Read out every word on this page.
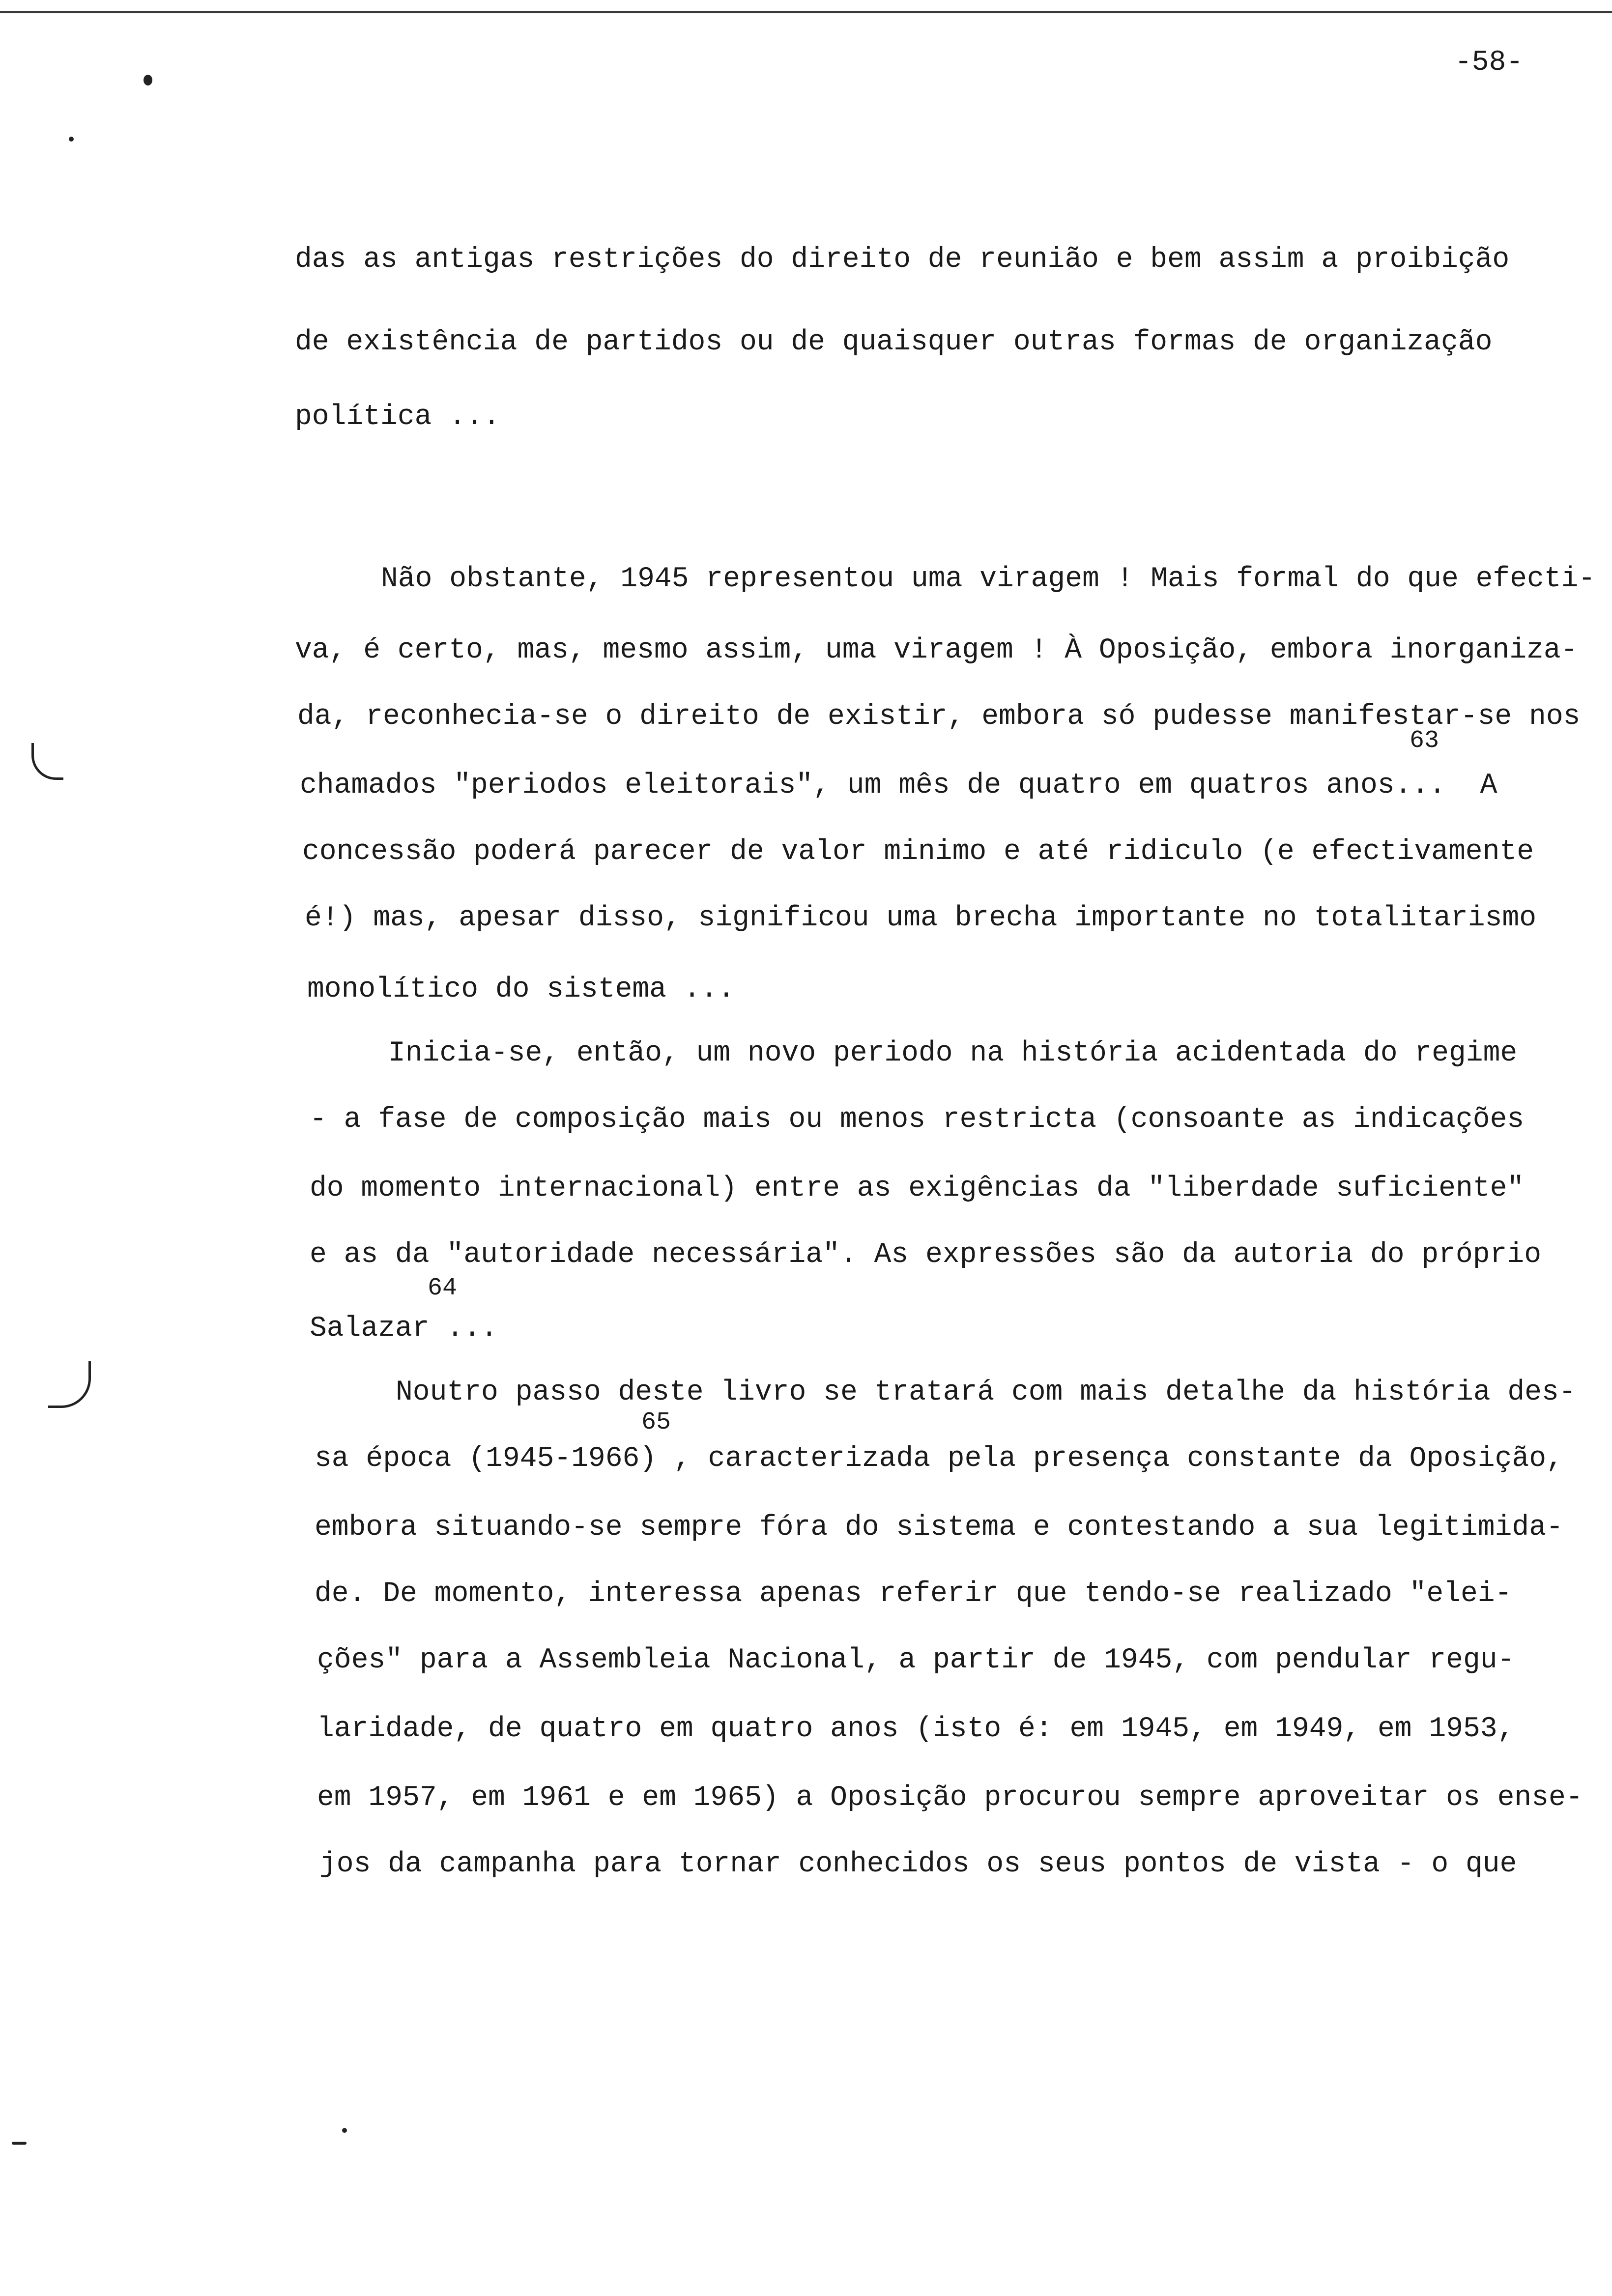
-58-
das as antigas restrições do direito de reunião e bem assim a proibição
de existência de partidos ou de quaisquer outras formas de organização
política ...
Não obstante, 1945 representou uma viragem ! Mais formal do que efecti-
va, é certo, mas, mesmo assim, uma viragem ! À Oposição, embora inorganiza-
da, reconhecia-se o direito de existir, embora só pudesse manifestar-se nos
63
chamados "periodos eleitorais", um mês de quatro em quatros anos...  A
concessão poderá parecer de valor minimo e até ridiculo (e efectivamente
é!) mas, apesar disso, significou uma brecha importante no totalitarismo
monolítico do sistema ...
Inicia-se, então, um novo periodo na história acidentada do regime
- a fase de composição mais ou menos restricta (consoante as indicações
do momento internacional) entre as exigências da "liberdade suficiente"
e as da "autoridade necessária". As expressões são da autoria do próprio
64
Salazar ...
Noutro passo deste livro se tratará com mais detalhe da história des-
65
sa época (1945-1966) , caracterizada pela presença constante da Oposição,
embora situando-se sempre fóra do sistema e contestando a sua legitimida-
de. De momento, interessa apenas referir que tendo-se realizado "elei-
ções" para a Assembleia Nacional, a partir de 1945, com pendular regu-
laridade, de quatro em quatro anos (isto é: em 1945, em 1949, em 1953,
em 1957, em 1961 e em 1965) a Oposição procurou sempre aproveitar os ense-
jos da campanha para tornar conhecidos os seus pontos de vista - o que
